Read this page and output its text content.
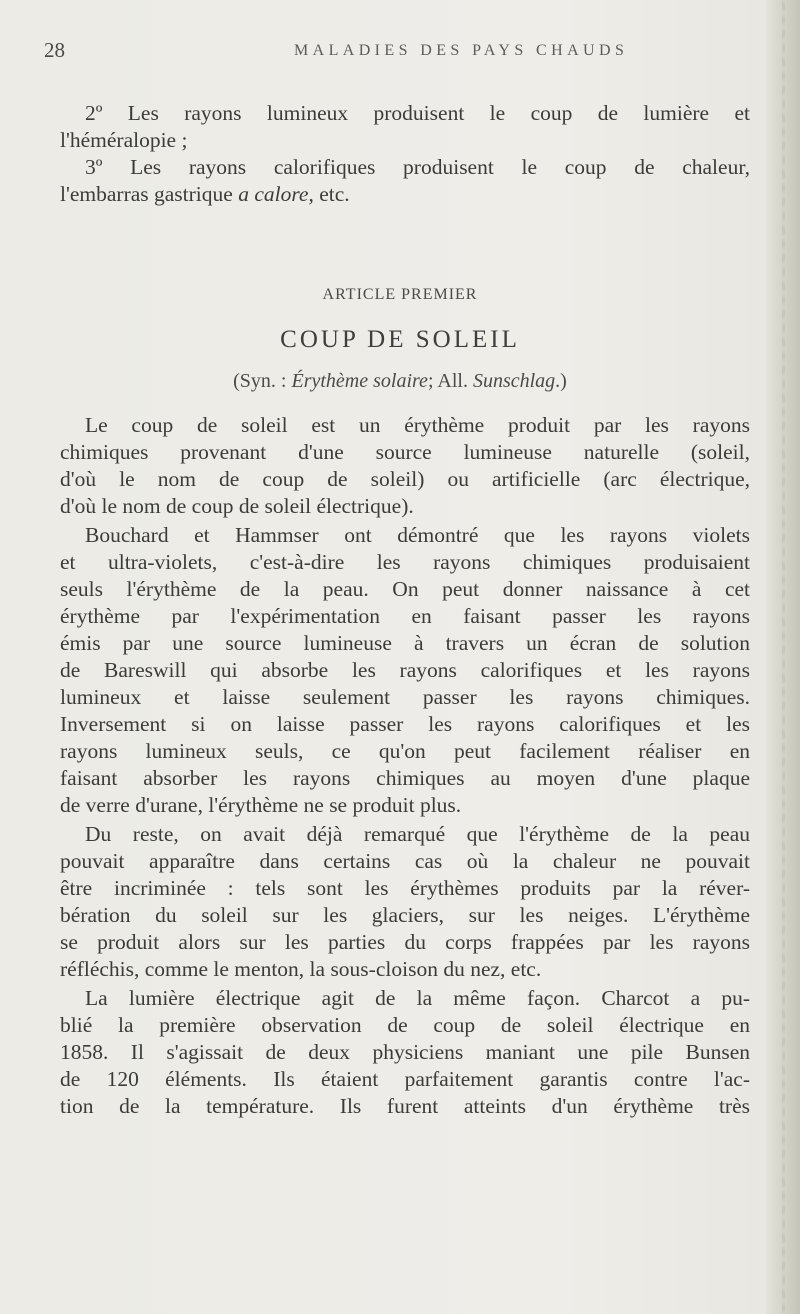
28	MALADIES DES PAYS CHAUDS
2º Les rayons lumineux produisent le coup de lumière et
l'héméralopie ;
3º Les rayons calorifiques produisent le coup de chaleur,
l'embarras gastrique a calore, etc.
ARTICLE PREMIER
COUP DE SOLEIL
(Syn. : Érythème solaire; All. Sunschlag.)
Le coup de soleil est un érythème produit par les rayons
chimiques provenant d'une source lumineuse naturelle (soleil,
d'où le nom de coup de soleil) ou artificielle (arc électrique,
d'où le nom de coup de soleil électrique).
Bouchard et Hammser ont démontré que les rayons violets
et ultra-violets, c'est-à-dire les rayons chimiques produisaient
seuls l'érythème de la peau. On peut donner naissance à cet
érythème par l'expérimentation en faisant passer les rayons
émis par une source lumineuse à travers un écran de solution
de Bareswill qui absorbe les rayons calorifiques et les rayons
lumineux et laisse seulement passer les rayons chimiques.
Inversement si on laisse passer les rayons calorifiques et les
rayons lumineux seuls, ce qu'on peut facilement réaliser en
faisant absorber les rayons chimiques au moyen d'une plaque
de verre d'urane, l'érythème ne se produit plus.
Du reste, on avait déjà remarqué que l'érythème de la peau
pouvait apparaître dans certains cas où la chaleur ne pouvait
être incriminée : tels sont les érythèmes produits par la réver-
bération du soleil sur les glaciers, sur les neiges. L'érythème
se produit alors sur les parties du corps frappées par les rayons
réfléchis, comme le menton, la sous-cloison du nez, etc.
La lumière électrique agit de la même façon. Charcot a pu-
blié la première observation de coup de soleil électrique en
1858. Il s'agissait de deux physiciens maniant une pile Bunsen
de 120 éléments. Ils étaient parfaitement garantis contre l'ac-
tion de la température. Ils furent atteints d'un érythème très
